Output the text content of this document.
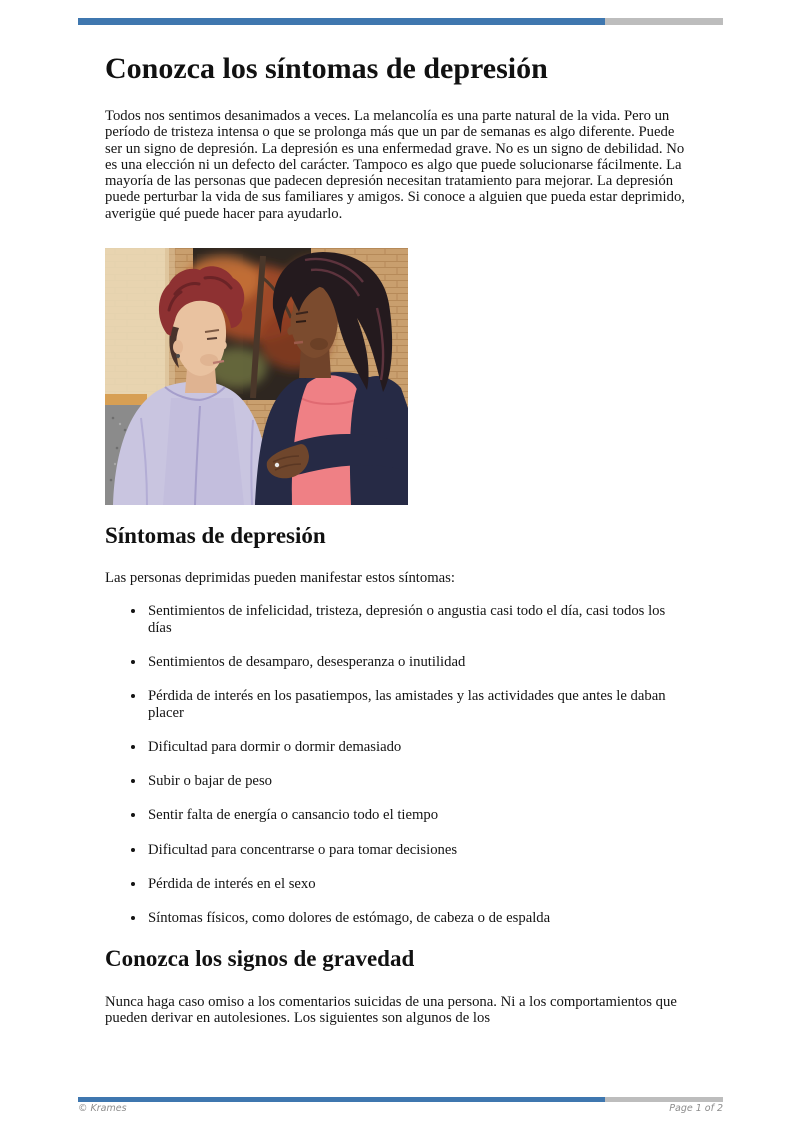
Conozca los síntomas de depresión

Todos nos sentimos desanimados a veces. La melancolía es una parte natural de la vida. Pero un período de tristeza intensa o que se prolonga más que un par de semanas es algo diferente. Puede ser un signo de depresión. La depresión es una enfermedad grave. No es un signo de debilidad. No es una elección ni un defecto del carácter. Tampoco es algo que puede solucionarse fácilmente. La mayoría de las personas que padecen depresión necesitan tratamiento para mejorar. La depresión puede perturbar la vida de sus familiares y amigos. Si conoce a alguien que pueda estar deprimido, averigüe qué puede hacer para ayudarlo.

Síntomas de depresión

Las personas deprimidas pueden manifestar estos síntomas:

• Sentimientos de infelicidad, tristeza, depresión o angustia casi todo el día, casi todos los días
• Sentimientos de desamparo, desesperanza o inutilidad
• Pérdida de interés en los pasatiempos, las amistades y las actividades que antes le daban placer
• Dificultad para dormir o dormir demasiado
• Subir o bajar de peso
• Sentir falta de energía o cansancio todo el tiempo
• Dificultad para concentrarse o para tomar decisiones
• Pérdida de interés en el sexo
• Síntomas físicos, como dolores de estómago, de cabeza o de espalda
Conozca los signos de gravedad

Nunca haga caso omiso a los comentarios suicidas de una persona. Ni a los comportamientos que pueden derivar en autolesiones. Los siguientes son algunos de los

© Krames	Page 1 of 2
